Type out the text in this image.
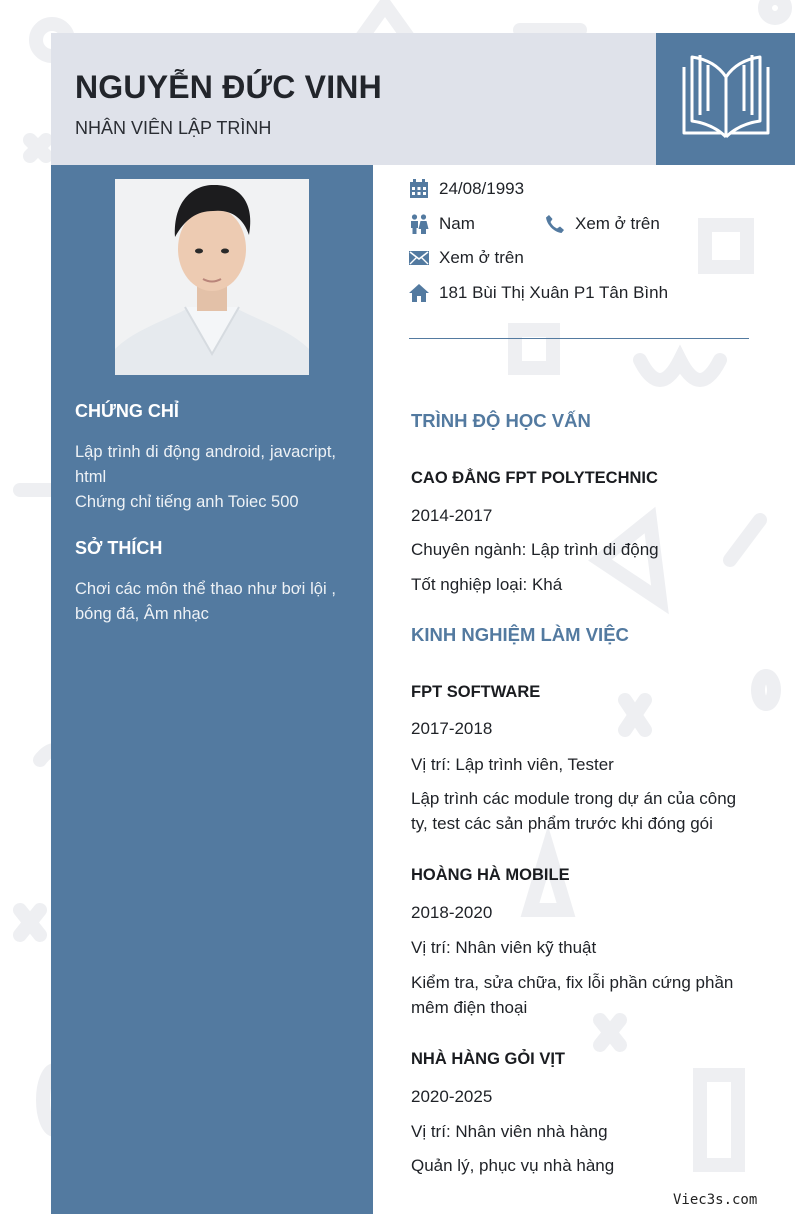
NGUYỄN ĐỨC VINH
NHÂN VIÊN LẬP TRÌNH
CHỨNG CHỈ
Lập trình di động android, javacript, html
Chứng chỉ tiếng anh Toiec 500
SỞ THÍCH
Chơi các môn thể thao như bơi lội , bóng đá, Âm nhạc
24/08/1993
Nam	Xem ở trên
Xem ở trên
181 Bùi Thị Xuân P1 Tân Bình
TRÌNH ĐỘ HỌC VẤN
CAO ĐẲNG FPT POLYTECHNIC
2014-2017
Chuyên ngành: Lập trình di động
Tốt nghiệp loại: Khá
KINH NGHIỆM LÀM VIỆC
FPT SOFTWARE
2017-2018
Vị trí: Lập trình viên, Tester
Lập trình các module trong dự án của công ty, test các sản phẩm trước khi đóng gói
HOÀNG HÀ MOBILE
2018-2020
Vị trí: Nhân viên kỹ thuật
Kiểm tra, sửa chữa, fix lỗi phần cứng phần mêm điện thoại
NHÀ HÀNG GỎI VỊT
2020-2025
Vị trí: Nhân viên nhà hàng
Quản lý, phục vụ nhà hàng
Viec3s.com
